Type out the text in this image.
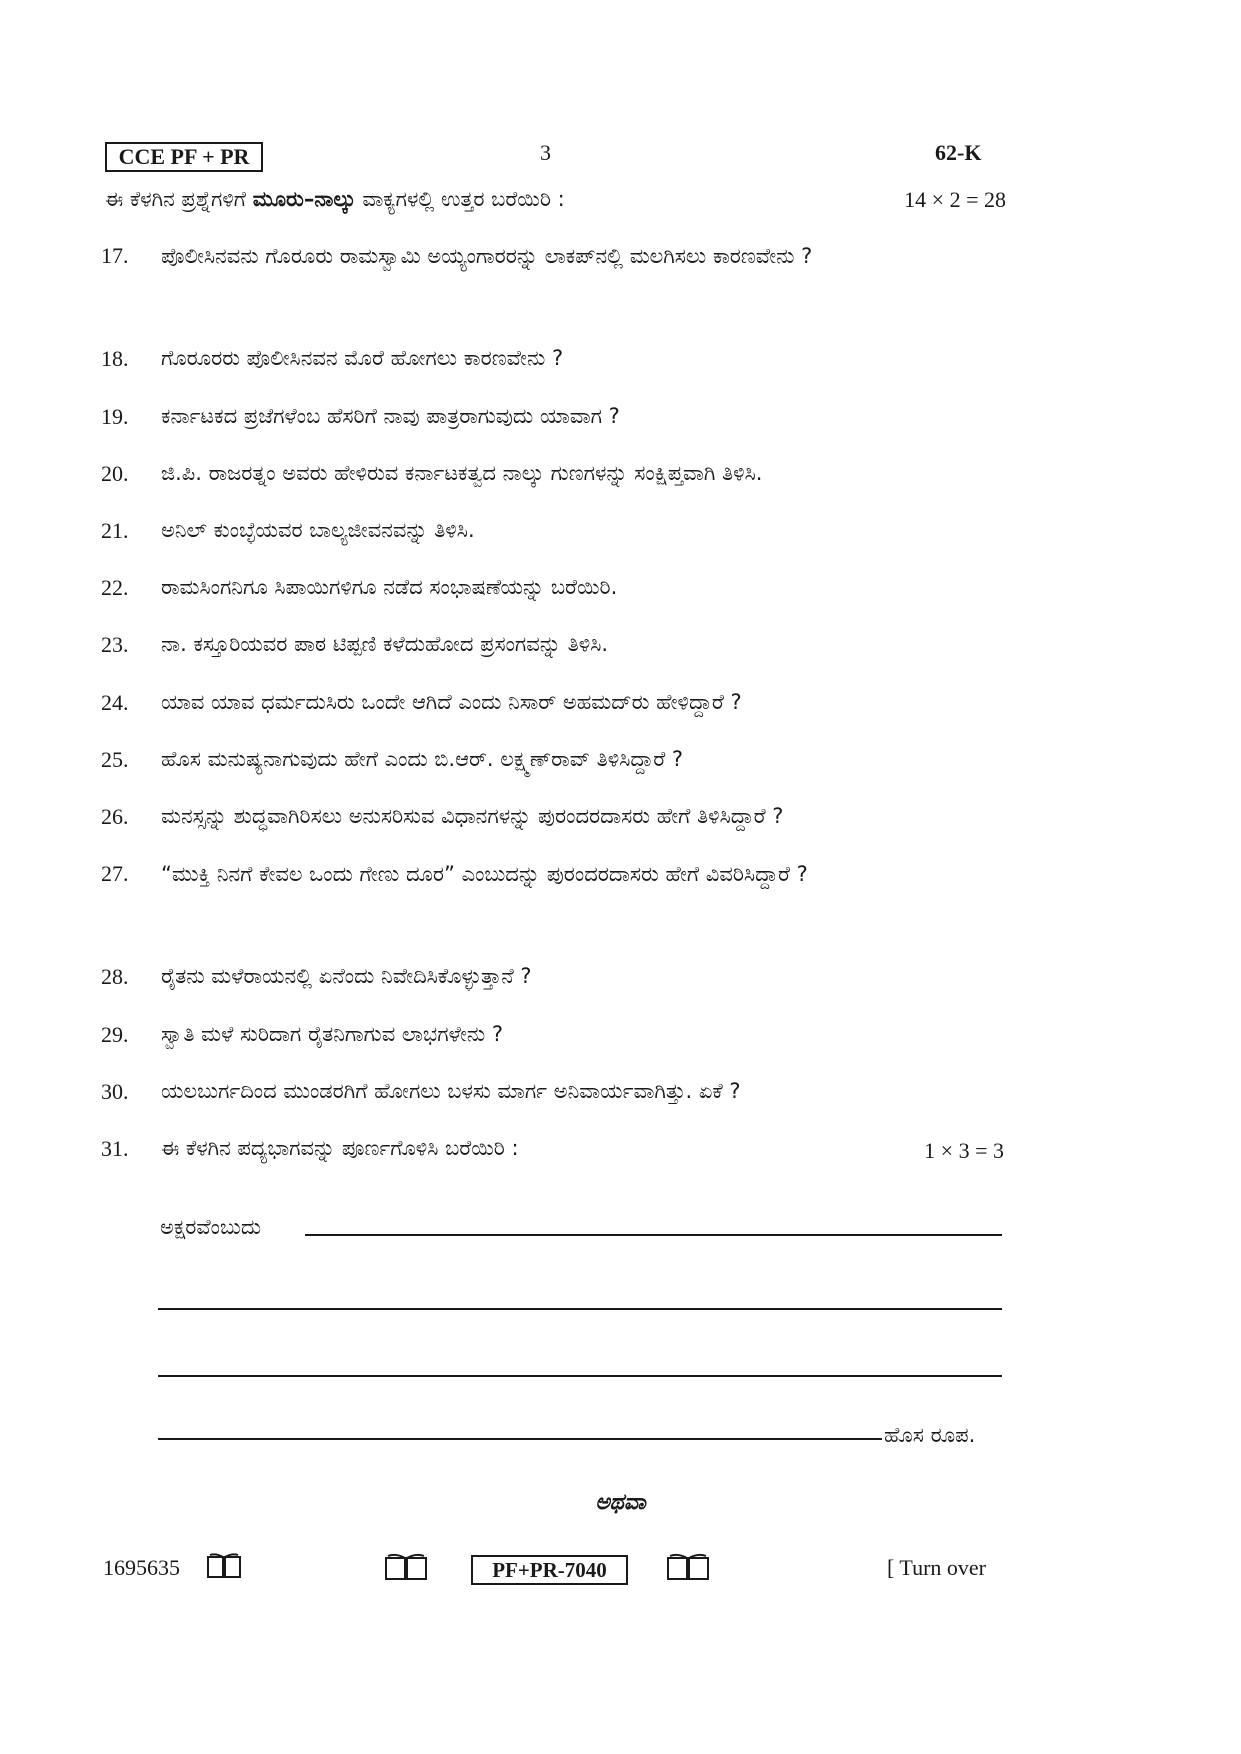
CCE PF + PR	3	62-K
ಈ ಕೆಳಗಿನ ಪ್ರಶ್ನೆಗಳಿಗೆ ಮೂರು–ನಾಲ್ಕು ವಾಕ್ಯಗಳಲ್ಲಿ ಉತ್ತರ ಬರೆಯಿರಿ :	14 × 2 = 28
17.	ಪೊಲೀಸಿನವನು ಗೊರೂರು ರಾಮಸ್ವಾಮಿ ಅಯ್ಯಂಗಾರರನ್ನು ಲಾಕಪ್‌ನಲ್ಲಿ ಮಲಗಿಸಲು ಕಾರಣವೇನು ?
18.	ಗೊರೂರರು ಪೊಲೀಸಿನವನ ಮೊರೆ ಹೋಗಲು ಕಾರಣವೇನು ?
19.	ಕರ್ನಾಟಕದ ಪ್ರಜೆಗಳೆಂಬ ಹೆಸರಿಗೆ ನಾವು ಪಾತ್ರರಾಗುವುದು ಯಾವಾಗ ?
20.	ಜಿ.ಪಿ. ರಾಜರತ್ನಂ ಅವರು ಹೇಳಿರುವ ಕರ್ನಾಟಕತ್ವದ ನಾಲ್ಕು ಗುಣಗಳನ್ನು ಸಂಕ್ಷಿಪ್ತವಾಗಿ ತಿಳಿಸಿ.
21.	ಅನಿಲ್ ಕುಂಬ್ಳೆಯವರ ಬಾಲ್ಯಜೀವನವನ್ನು ತಿಳಿಸಿ.
22.	ರಾಮಸಿಂಗನಿಗೂ ಸಿಪಾಯಿಗಳಿಗೂ ನಡೆದ ಸಂಭಾಷಣೆಯನ್ನು ಬರೆಯಿರಿ.
23.	ನಾ. ಕಸ್ತೂರಿಯವರ ಪಾಠ ಟಿಪ್ಪಣಿ ಕಳೆದುಹೋದ ಪ್ರಸಂಗವನ್ನು ತಿಳಿಸಿ.
24.	ಯಾವ ಯಾವ ಧರ್ಮದುಸಿರು ಒಂದೇ ಆಗಿದೆ ಎಂದು ನಿಸಾರ್ ಅಹಮದ್‌ರು ಹೇಳಿದ್ದಾರೆ ?
25.	ಹೊಸ ಮನುಷ್ಯನಾಗುವುದು ಹೇಗೆ ಎಂದು ಬಿ.ಆರ್. ಲಕ್ಷ್ಮಣ್‌ರಾವ್ ತಿಳಿಸಿದ್ದಾರೆ ?
26.	ಮನಸ್ಸನ್ನು ಶುದ್ಧವಾಗಿರಿಸಲು ಅನುಸರಿಸುವ ವಿಧಾನಗಳನ್ನು ಪುರಂದರದಾಸರು ಹೇಗೆ ತಿಳಿಸಿದ್ದಾರೆ ?
27.	“ಮುಕ್ತಿ ನಿನಗೆ ಕೇವಲ ಒಂದು ಗೇಣು ದೂರ” ಎಂಬುದನ್ನು ಪುರಂದರದಾಸರು ಹೇಗೆ ವಿವರಿಸಿದ್ದಾರೆ ?
28.	ರೈತನು ಮಳೆರಾಯನಲ್ಲಿ ಏನೆಂದು ನಿವೇದಿಸಿಕೊಳ್ಳುತ್ತಾನೆ ?
29.	ಸ್ವಾತಿ ಮಳೆ ಸುರಿದಾಗ ರೈತನಿಗಾಗುವ ಲಾಭಗಳೇನು ?
30.	ಯಲಬುರ್ಗದಿಂದ ಮುಂಡರಗಿಗೆ ಹೋಗಲು ಬಳಸು ಮಾರ್ಗ ಅನಿವಾರ್ಯವಾಗಿತ್ತು. ಏಕೆ ?
31.	ಈ ಕೆಳಗಿನ ಪದ್ಯಭಾಗವನ್ನು ಪೂರ್ಣಗೊಳಿಸಿ ಬರೆಯಿರಿ :	1 × 3 = 3
ಅಕ್ಷರವೆಂಬುದು
ಹೊಸ ರೂಪ.
ಅಥವಾ
1695635	PF+PR-7040	[ Turn over
